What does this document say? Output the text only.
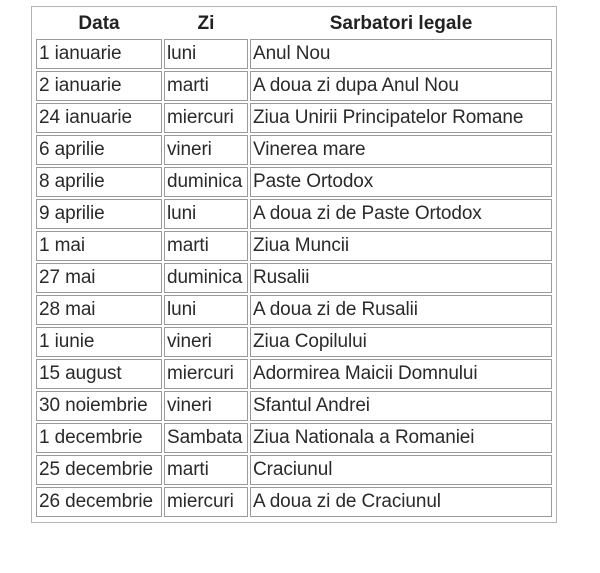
Data	Zi	Sarbatori legale
1 ianuarie	luni	Anul Nou
2 ianuarie	marti	A doua zi dupa Anul Nou
24 ianuarie	miercuri	Ziua Unirii Principatelor Romane
6 aprilie	vineri	Vinerea mare
8 aprilie	duminica	Paste Ortodox
9 aprilie	luni	A doua zi de Paste Ortodox
1 mai	marti	Ziua Muncii
27 mai	duminica	Rusalii
28 mai	luni	A doua zi de Rusalii
1 iunie	vineri	Ziua Copilului
15 august	miercuri	Adormirea Maicii Domnului
30 noiembrie	vineri	Sfantul Andrei
1 decembrie	Sambata	Ziua Nationala a Romaniei
25 decembrie	marti	Craciunul
26 decembrie	miercuri	A doua zi de Craciunul
